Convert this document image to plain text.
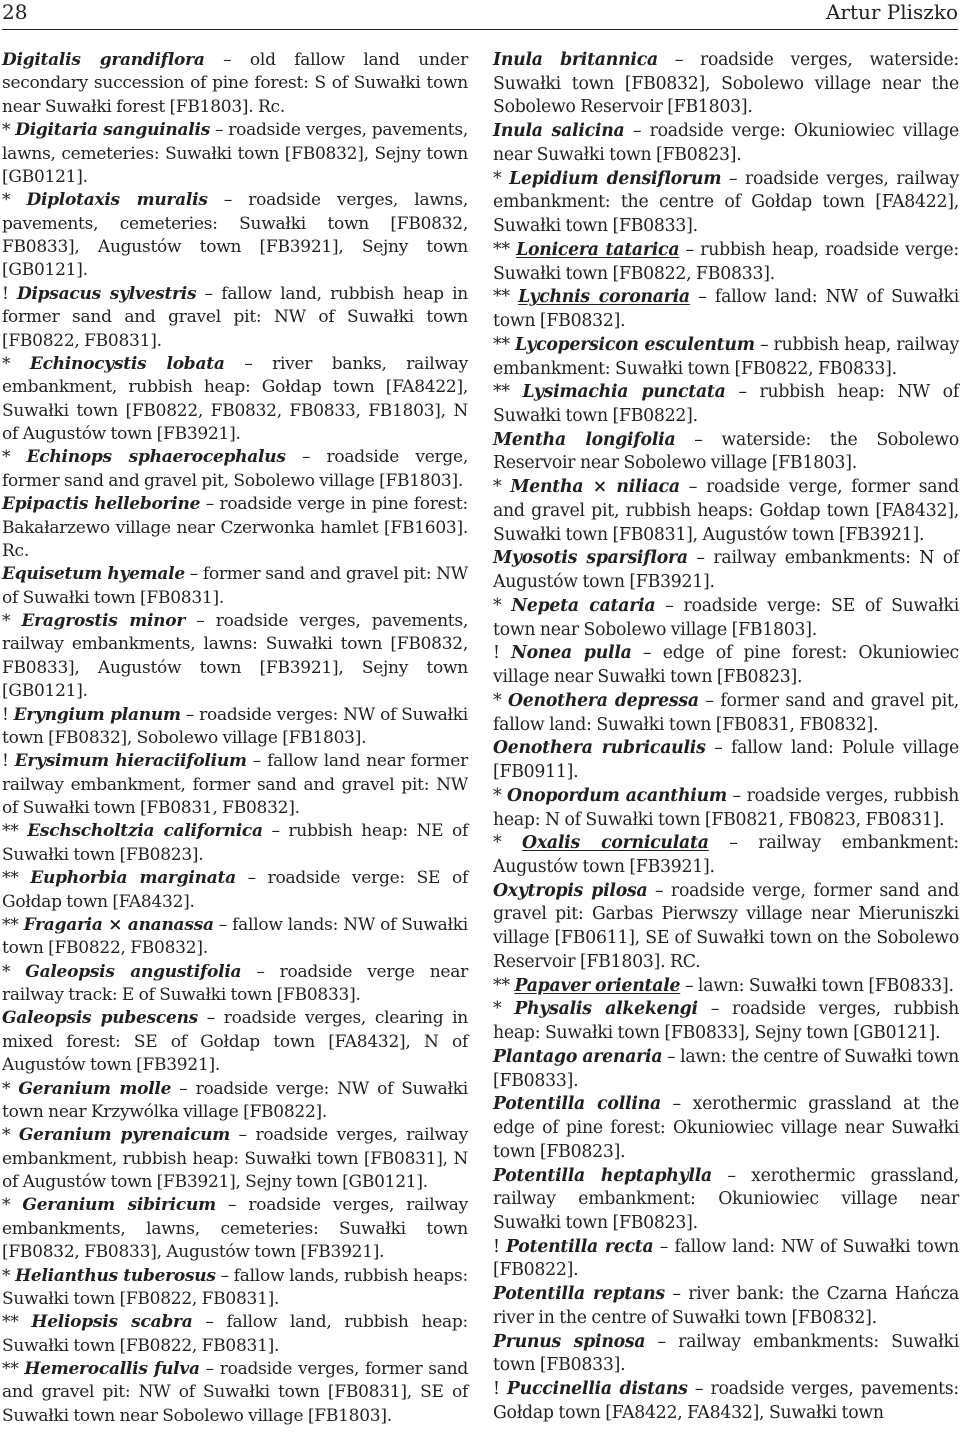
28	Artur Pliszko

Digitalis grandiflora – old fallow land under secondary succession of pine forest: S of Suwałki town near Suwałki forest [FB1803]. Rc.

* Digitaria sanguinalis – roadside verges, pavements, lawns, cemeteries: Suwałki town [FB0832], Sejny town [GB0121].

* Diplotaxis muralis – roadside verges, lawns, pavements, cemeteries: Suwałki town [FB0832, FB0833], Augustów town [FB3921], Sejny town [GB0121].

! Dipsacus sylvestris – fallow land, rubbish heap in former sand and gravel pit: NW of Suwałki town [FB0822, FB0831].

* Echinocystis lobata – river banks, railway embankment, rubbish heap: Gołdap town [FA8422], Suwałki town [FB0822, FB0832, FB0833, FB1803], N of Augustów town [FB3921].

* Echinops sphaerocephalus – roadside verge, former sand and gravel pit, Sobolewo village [FB1803].

Epipactis helleborine – roadside verge in pine forest: Bakałarzewo village near Czerwonka hamlet [FB1603]. Rc.

Equisetum hyemale – former sand and gravel pit: NW of Suwałki town [FB0831].

* Eragrostis minor – roadside verges, pavements, railway embankments, lawns: Suwałki town [FB0832, FB0833], Augustów town [FB3921], Sejny town [GB0121].

! Eryngium planum – roadside verges: NW of Suwałki town [FB0832], Sobolewo village [FB1803].

! Erysimum hieraciifolium – fallow land near former railway embankment, former sand and gravel pit: NW of Suwałki town [FB0831, FB0832].

** Eschscholtzia californica – rubbish heap: NE of Suwałki town [FB0823].

** Euphorbia marginata – roadside verge: SE of Gołdap town [FA8432].

** Fragaria × ananassa – fallow lands: NW of Suwałki town [FB0822, FB0832].

* Galeopsis angustifolia – roadside verge near railway track: E of Suwałki town [FB0833].

Galeopsis pubescens – roadside verges, clearing in mixed forest: SE of Gołdap town [FA8432], N of Augustów town [FB3921].

* Geranium molle – roadside verge: NW of Suwałki town near Krzywólka village [FB0822].

* Geranium pyrenaicum – roadside verges, railway embankment, rubbish heap: Suwałki town [FB0831], N of Augustów town [FB3921], Sejny town [GB0121].

* Geranium sibiricum – roadside verges, railway embankments, lawns, cemeteries: Suwałki town [FB0832, FB0833], Augustów town [FB3921].

* Helianthus tuberosus – fallow lands, rubbish heaps: Suwałki town [FB0822, FB0831].

** Heliopsis scabra – fallow land, rubbish heap: Suwałki town [FB0822, FB0831].

** Hemerocallis fulva – roadside verges, former sand and gravel pit: NW of Suwałki town [FB0831], SE of Suwałki town near Sobolewo village [FB1803].

Inula britannica – roadside verges, waterside: Suwałki town [FB0832], Sobolewo village near the Sobolewo Reservoir [FB1803].

Inula salicina – roadside verge: Okuniowiec village near Suwałki town [FB0823].

* Lepidium densiflorum – roadside verges, railway embankment: the centre of Gołdap town [FA8422], Suwałki town [FB0833].

** Lonicera tatarica – rubbish heap, roadside verge: Suwałki town [FB0822, FB0833].

** Lychnis coronaria – fallow land: NW of Suwałki town [FB0832].

** Lycopersicon esculentum – rubbish heap, railway embankment: Suwałki town [FB0822, FB0833].

** Lysimachia punctata – rubbish heap: NW of Suwałki town [FB0822].

Mentha longifolia – waterside: the Sobolewo Reservoir near Sobolewo village [FB1803].

* Mentha × niliaca – roadside verge, former sand and gravel pit, rubbish heaps: Gołdap town [FA8432], Suwałki town [FB0831], Augustów town [FB3921].

Myosotis sparsiflora – railway embankments: N of Augustów town [FB3921].

* Nepeta cataria – roadside verge: SE of Suwałki town near Sobolewo village [FB1803].

! Nonea pulla – edge of pine forest: Okuniowiec village near Suwałki town [FB0823].

* Oenothera depressa – former sand and gravel pit, fallow land: Suwałki town [FB0831, FB0832].

Oenothera rubricaulis – fallow land: Polule village [FB0911].

* Onopordum acanthium – roadside verges, rubbish heap: N of Suwałki town [FB0821, FB0823, FB0831].

* Oxalis corniculata – railway embankment: Augustów town [FB3921].

Oxytropis pilosa – roadside verge, former sand and gravel pit: Garbas Pierwszy village near Mieruniszki village [FB0611], SE of Suwałki town on the Sobolewo Reservoir [FB1803]. RC.

** Papaver orientale – lawn: Suwałki town [FB0833].

* Physalis alkekengi – roadside verges, rubbish heap: Suwałki town [FB0833], Sejny town [GB0121].

Plantago arenaria – lawn: the centre of Suwałki town [FB0833].

Potentilla collina – xerothermic grassland at the edge of pine forest: Okuniowiec village near Suwałki town [FB0823].

Potentilla heptaphylla – xerothermic grassland, railway embankment: Okuniowiec village near Suwałki town [FB0823].

! Potentilla recta – fallow land: NW of Suwałki town [FB0822].

Potentilla reptans – river bank: the Czarna Hańcza river in the centre of Suwałki town [FB0832].

Prunus spinosa – railway embankments: Suwałki town [FB0833].

! Puccinellia distans – roadside verges, pavements: Gołdap town [FA8422, FA8432], Suwałki town
